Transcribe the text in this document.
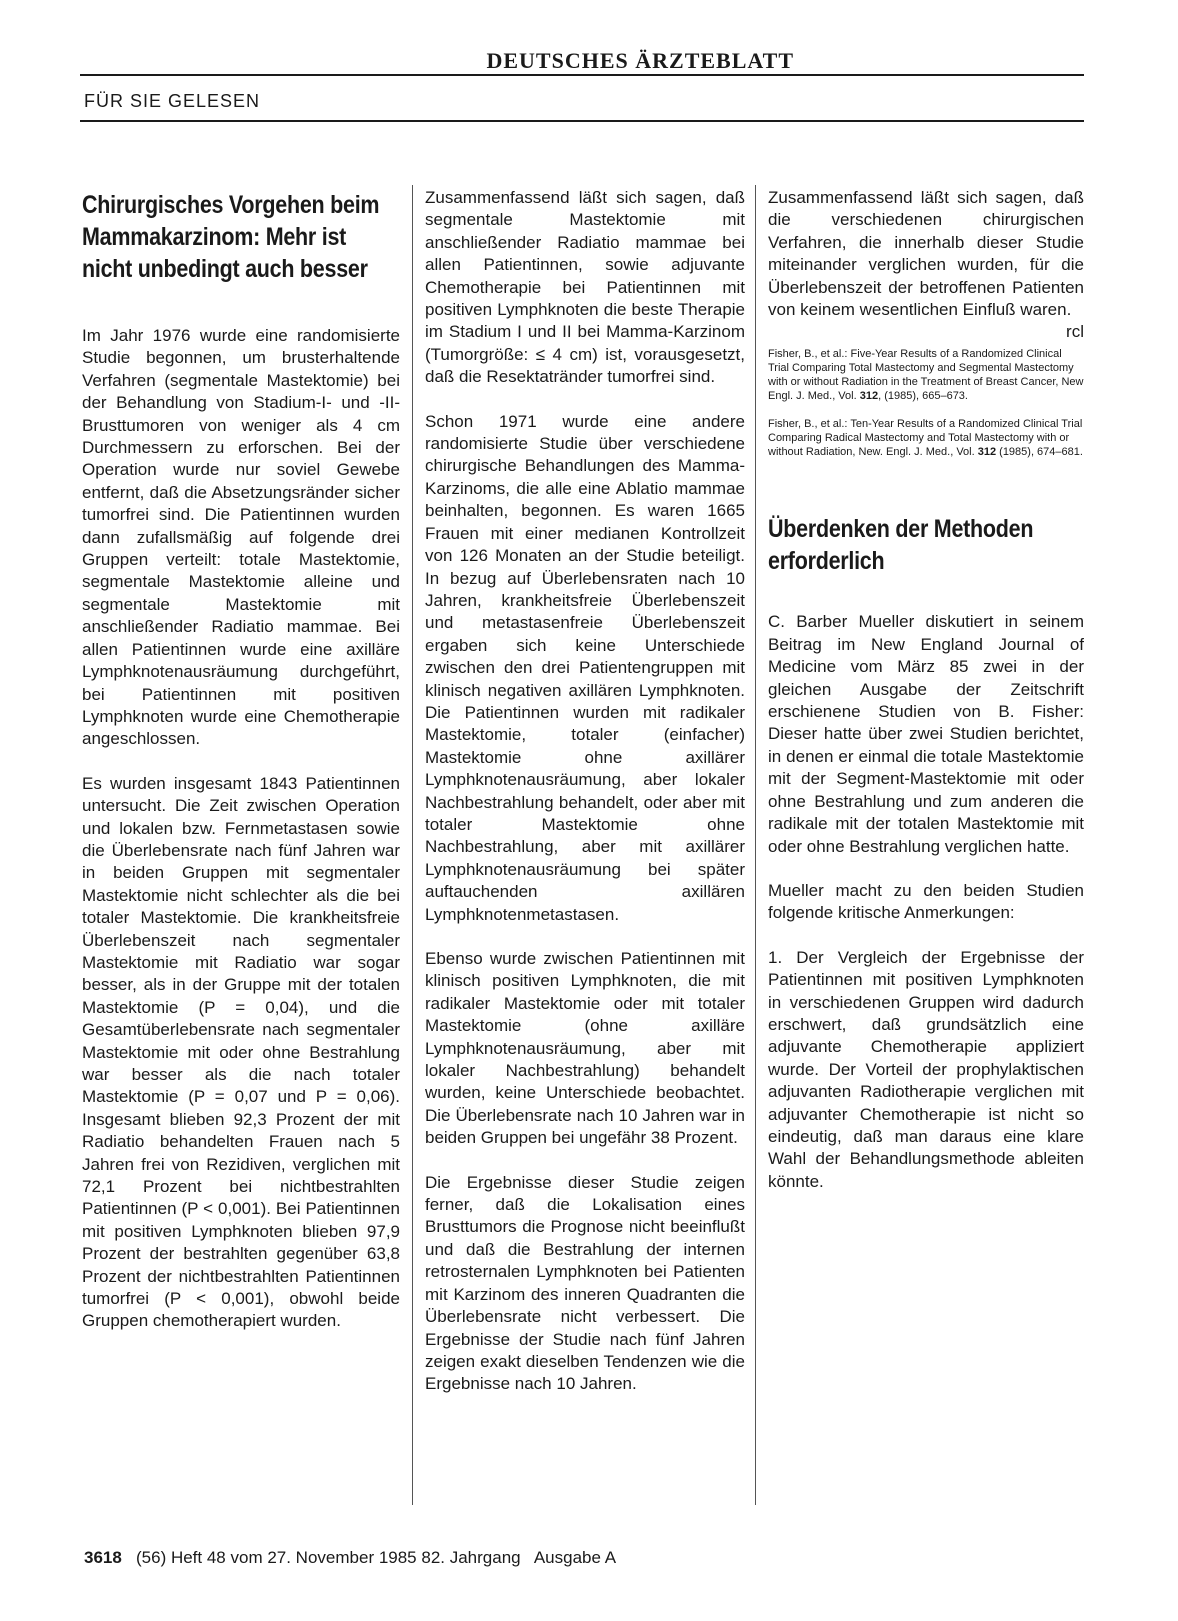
DEUTSCHES ÄRZTEBLATT
FÜR SIE GELESEN
Chirurgisches Vorgehen beim Mammakarzinom: Mehr ist nicht unbedingt auch besser

Im Jahr 1976 wurde eine randomisierte Studie begonnen, um brusterhaltende Verfahren (segmentale Mastektomie) bei der Behandlung von Stadium-I- und -II-Brusttumoren von weniger als 4 cm Durchmessern zu erforschen. Bei der Operation wurde nur soviel Gewebe entfernt, daß die Absetzungsränder sicher tumorfrei sind. Die Patientinnen wurden dann zufallsmäßig auf folgende drei Gruppen verteilt: totale Mastektomie, segmentale Mastektomie alleine und segmentale Mastektomie mit anschließender Radiatio mammae. Bei allen Patientinnen wurde eine axilläre Lymphknotenausräumung durchgeführt, bei Patientinnen mit positiven Lymphknoten wurde eine Chemotherapie angeschlossen.

Es wurden insgesamt 1843 Patientinnen untersucht. Die Zeit zwischen Operation und lokalen bzw. Fernmetastasen sowie die Überlebensrate nach fünf Jahren war in beiden Gruppen mit segmentaler Mastektomie nicht schlechter als die bei totaler Mastektomie. Die krankheitsfreie Überlebenszeit nach segmentaler Mastektomie mit Radiatio war sogar besser, als in der Gruppe mit der totalen Mastektomie (P = 0,04), und die Gesamtüberlebensrate nach segmentaler Mastektomie mit oder ohne Bestrahlung war besser als die nach totaler Mastektomie (P = 0,07 und P = 0,06). Insgesamt blieben 92,3 Prozent der mit Radiatio behandelten Frauen nach 5 Jahren frei von Rezidiven, verglichen mit 72,1 Prozent bei nichtbestrahlten Patientinnen (P < 0,001). Bei Patientinnen mit positiven Lymphknoten blieben 97,9 Prozent der bestrahlten gegenüber 63,8 Prozent der nichtbestrahlten Patientinnen tumorfrei (P < 0,001), obwohl beide Gruppen chemotherapiert wurden.

Zusammenfassend läßt sich sagen, daß segmentale Mastektomie mit anschließender Radiatio mammae bei allen Patientinnen, sowie adjuvante Chemotherapie bei Patientinnen mit positiven Lymphknoten die beste Therapie im Stadium I und II bei Mamma-Karzinom (Tumorgröße: ≤ 4 cm) ist, vorausgesetzt, daß die Resektatränder tumorfrei sind.

Schon 1971 wurde eine andere randomisierte Studie über verschiedene chirurgische Behandlungen des Mamma-Karzinoms, die alle eine Ablatio mammae beinhalten, begonnen. Es waren 1665 Frauen mit einer medianen Kontrollzeit von 126 Monaten an der Studie beteiligt. In bezug auf Überlebensraten nach 10 Jahren, krankheitsfreie Überlebenszeit und metastasenfreie Überlebenszeit ergaben sich keine Unterschiede zwischen den drei Patientengruppen mit klinisch negativen axillären Lymphknoten. Die Patientinnen wurden mit radikaler Mastektomie, totaler (einfacher) Mastektomie ohne axillärer Lymphknotenausräumung, aber lokaler Nachbestrahlung behandelt, oder aber mit totaler Mastektomie ohne Nachbestrahlung, aber mit axillärer Lymphknotenausräumung bei später auftauchenden axillären Lymphknotenmetastasen.

Ebenso wurde zwischen Patientinnen mit klinisch positiven Lymphknoten, die mit radikaler Mastektomie oder mit totaler Mastektomie (ohne axilläre Lymphknotenausräumung, aber mit lokaler Nachbestrahlung) behandelt wurden, keine Unterschiede beobachtet. Die Überlebensrate nach 10 Jahren war in beiden Gruppen bei ungefähr 38 Prozent.

Die Ergebnisse dieser Studie zeigen ferner, daß die Lokalisation eines Brusttumors die Prognose nicht beeinflußt und daß die Bestrahlung der internen retrosternalen Lymphknoten bei Patienten mit Karzinom des inneren Quadranten die Überlebensrate nicht verbessert. Die Ergebnisse der Studie nach fünf Jahren zeigen exakt dieselben Tendenzen wie die Ergebnisse nach 10 Jahren.

Zusammenfassend läßt sich sagen, daß die verschiedenen chirurgischen Verfahren, die innerhalb dieser Studie miteinander verglichen wurden, für die Überlebenszeit der betroffenen Patienten von keinem wesentlichen Einfluß waren.
rcl

Fisher, B., et al.: Five-Year Results of a Randomized Clinical Trial Comparing Total Mastectomy and Segmental Mastectomy with or without Radiation in the Treatment of Breast Cancer, New Engl. J. Med., Vol. 312, (1985), 665–673.
Fisher, B., et al.: Ten-Year Results of a Randomized Clinical Trial Comparing Radical Mastectomy and Total Mastectomy with or without Radiation, New. Engl. J. Med., Vol. 312 (1985), 674–681.
Überdenken der Methoden erforderlich

C. Barber Mueller diskutiert in seinem Beitrag im New England Journal of Medicine vom März 85 zwei in der gleichen Ausgabe der Zeitschrift erschienene Studien von B. Fisher: Dieser hatte über zwei Studien berichtet, in denen er einmal die totale Mastektomie mit der Segment-Mastektomie mit oder ohne Bestrahlung und zum anderen die radikale mit der totalen Mastektomie mit oder ohne Bestrahlung verglichen hatte.

Mueller macht zu den beiden Studien folgende kritische Anmerkungen:

1. Der Vergleich der Ergebnisse der Patientinnen mit positiven Lymphknoten in verschiedenen Gruppen wird dadurch erschwert, daß grundsätzlich eine adjuvante Chemotherapie appliziert wurde. Der Vorteil der prophylaktischen adjuvanten Radiotherapie verglichen mit adjuvanter Chemotherapie ist nicht so eindeutig, daß man daraus eine klare Wahl der Behandlungsmethode ableiten könnte.

3618 (56) Heft 48 vom 27. November 1985 82. Jahrgang   Ausgabe A
